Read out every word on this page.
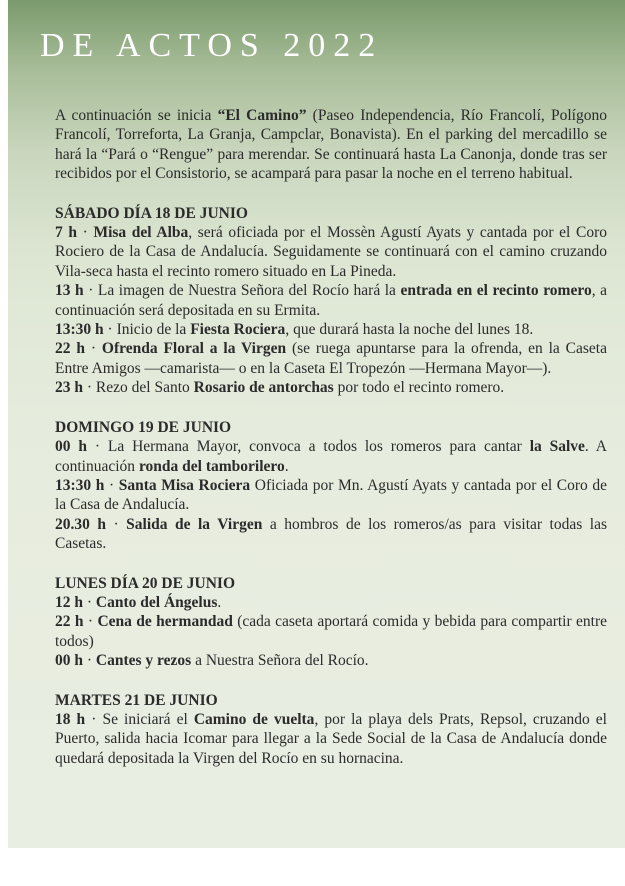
DE ACTOS 2022

A continuación se inicia “El Camino” (Paseo Independencia, Río Francolí, Polígono Francolí, Torreforta, La Granja, Campclar, Bonavista). En el parking del mercadillo se hará la “Pará o “Rengue” para merendar. Se continuará hasta La Canonja, donde tras ser recibidos por el Consistorio, se acampará para pasar la noche en el terreno habitual.

SÁBADO DÍA 18 DE JUNIO

7 h · Misa del Alba, será oficiada por el Mossèn Agustí Ayats y cantada por el Coro Rociero de la Casa de Andalucía. Seguidamente se continuará con el camino cruzando Vila-seca hasta el recinto romero situado en La Pineda.

13 h · La imagen de Nuestra Señora del Rocío hará la entrada en el recinto romero, a continuación será depositada en su Ermita.

13:30 h · Inicio de la Fiesta Rociera, que durará hasta la noche del lunes 18.

22 h · Ofrenda Floral a la Virgen (se ruega apuntarse para la ofrenda, en la Caseta Entre Amigos —camarista— o en la Caseta El Tropezón —Hermana Mayor—).

23 h · Rezo del Santo Rosario de antorchas por todo el recinto romero.

DOMINGO 19 DE JUNIO

00 h · La Hermana Mayor, convoca a todos los romeros para cantar la Salve. A continuación ronda del tamborilero.

13:30 h · Santa Misa Rociera Oficiada por Mn. Agustí Ayats y cantada por el Coro de la Casa de Andalucía.

20.30 h · Salida de la Virgen a hombros de los romeros/as para visitar todas las Casetas.

LUNES DÍA 20 DE JUNIO

12 h · Canto del Ángelus.

22 h · Cena de hermandad (cada caseta aportará comida y bebida para compartir entre todos)

00 h · Cantes y rezos a Nuestra Señora del Rocío.

MARTES 21 DE JUNIO

18 h · Se iniciará el Camino de vuelta, por la playa dels Prats, Repsol, cruzando el Puerto, salida hacia Icomar para llegar a la Sede Social de la Casa de Andalucía donde quedará depositada la Virgen del Rocío en su hornacina.
